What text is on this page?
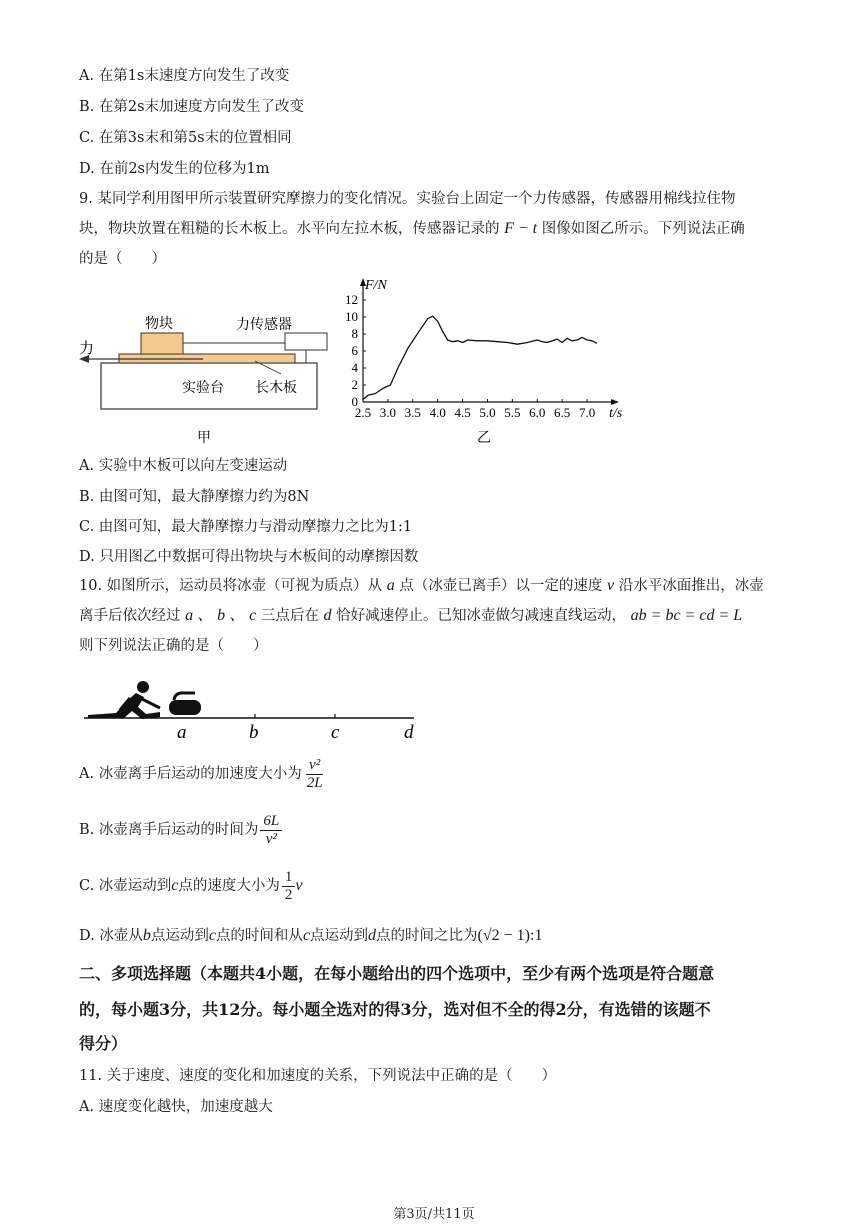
A. 在第1s末速度方向发生了改变
B. 在第2s末加速度方向发生了改变
C. 在第3s末和第5s末的位置相同
D. 在前2s内发生的位移为1m
9. 某同学利用图甲所示装置研究摩擦力的变化情况。实验台上固定一个力传感器，传感器用棉线拉住物
块，物块放置在粗糙的长木板上。水平向左拉木板，传感器记录的 F − t 图像如图乙所示。下列说法正确
的是（　　）
物块	力传感器
力
实验台 长木板
甲
2.5 3.0 3.5 4.0 4.5 5.0 5.5 6.0 6.5 7.0
0
2
4
6
8
10
12
F/N
t/s
乙
A. 实验中木板可以向左变速运动
B. 由图可知，最大静摩擦力约为8N
C. 由图可知，最大静摩擦力与滑动摩擦力之比为1:1
D. 只用图乙中数据可得出物块与木板间的动摩擦因数
10. 如图所示，运动员将冰壶（可视为质点）从 a 点（冰壶已离手）以一定的速度 v 沿水平冰面推出，冰壶
离手后依次经过 a 、 b 、 c 三点后在 d 恰好减速停止。已知冰壶做匀减速直线运动， ab = bc = cd = L
则下列说法正确的是（　　）
a	b	c	d
A. 冰壶离手后运动的加速度大小为 $\frac{\text{v²}}{2L}$
B. 冰壶离手后运动的时间为 $\frac{6L}{\text{v²}}$
C. 冰壶运动到c点的速度大小为 $\frac{1}{2}$ v
D. 冰壶从b点运动到c点的时间和从c点运动到d点的时间之比为(√2 − 1):1
二、多项选择题（本题共4小题，在每小题给出的四个选项中，至少有两个选项是符合题意
的，每小题3分，共12分。每小题全选对的得3分，选对但不全的得2分，有选错的该题不
得分）
11. 关于速度、速度的变化和加速度的关系，下列说法中正确的是（　　）
A. 速度变化越快，加速度越大
第3页/共11页
